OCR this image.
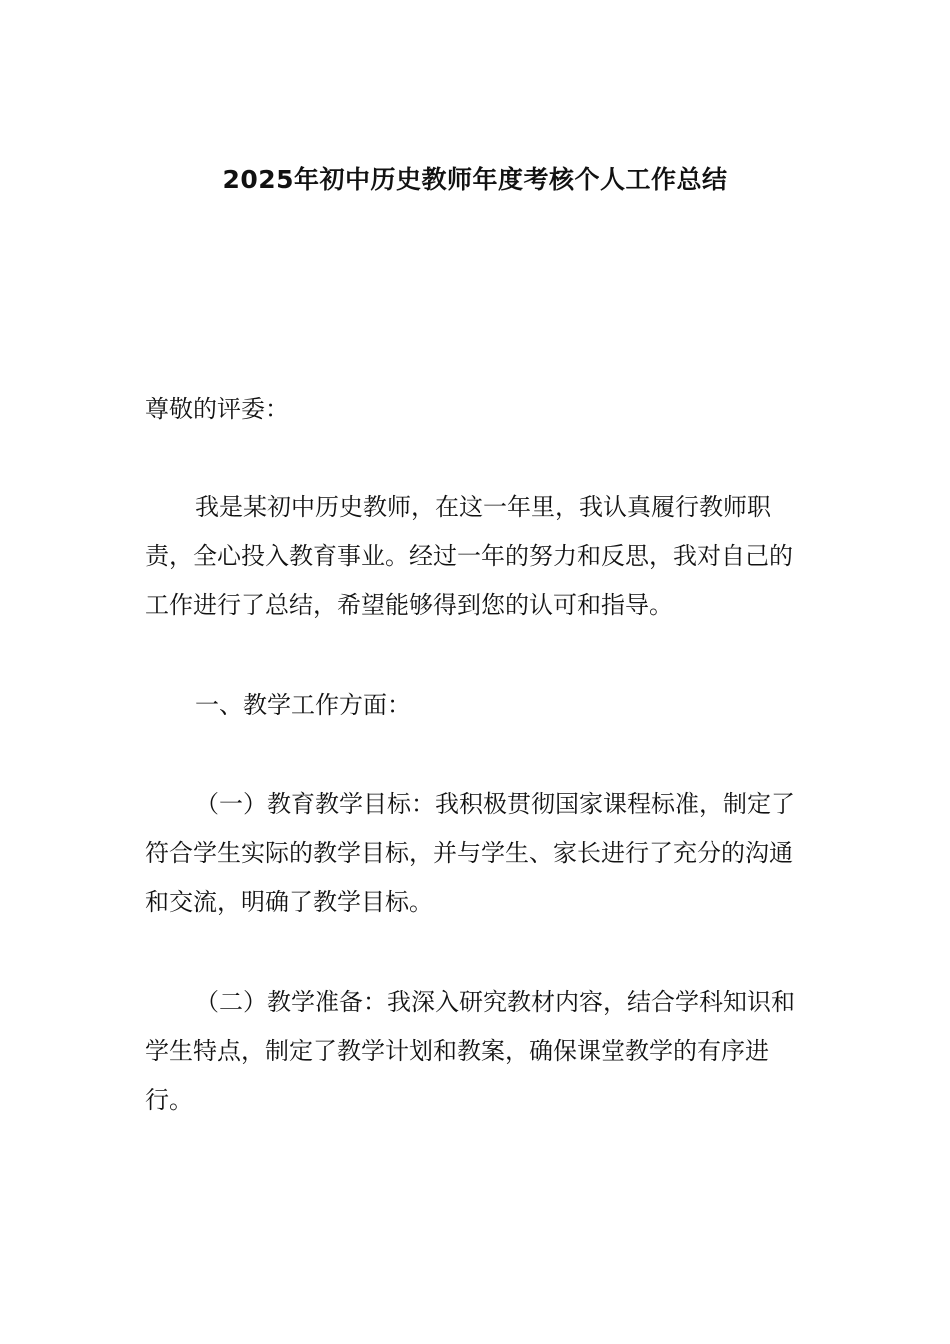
2025年初中历史教师年度考核个人工作总结

尊敬的评委：

我是某初中历史教师，在这一年里，我认真履行教师职责，全心投入教育事业。经过一年的努力和反思，我对自己的工作进行了总结，希望能够得到您的认可和指导。

一、教学工作方面：

（一）教育教学目标：我积极贯彻国家课程标准，制定了符合学生实际的教学目标，并与学生、家长进行了充分的沟通和交流，明确了教学目标。

（二）教学准备：我深入研究教材内容，结合学科知识和学生特点，制定了教学计划和教案，确保课堂教学的有序进行。
